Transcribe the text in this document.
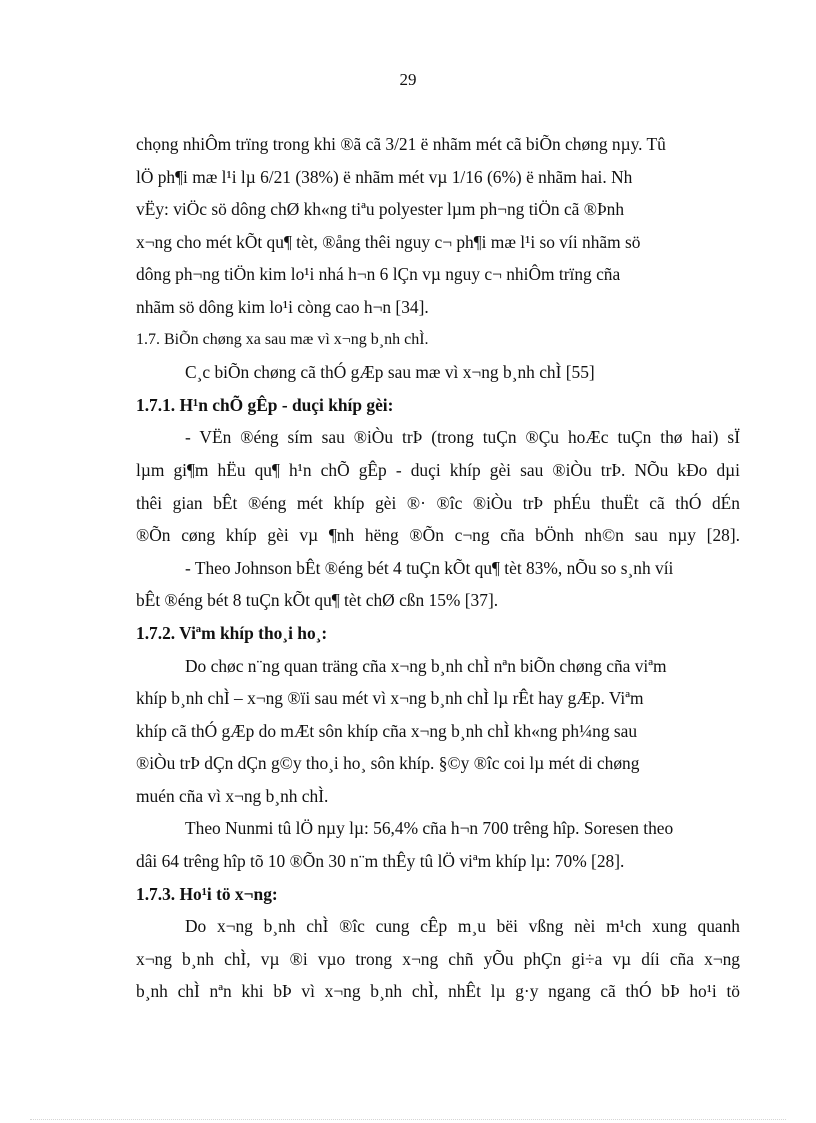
29

chọng nhiÔm trïng trong khi ®ã cã 3/21 ë nhãm mét cã biÕn chøng nµy. Tû
lÖ ph¶i mæ l¹i lµ 6/21 (38%) ë nhãm mét vµ 1/16 (6%) ë nhãm hai. Nh
vËy: viÖc sö dông chØ kh«ng tiªu polyester lµm ph¬ng tiÖn cã ®Þnh
x¬ng cho mét kÕt qu¶ tèt, ®ång thêi nguy c¬ ph¶i mæ l¹i so víi nhãm sö
dông ph¬ng tiÖn kim lo¹i nhá h¬n 6 lÇn vµ nguy c¬ nhiÔm trïng cña
nhãm sö dông kim lo¹i còng cao h¬n [34].

1.7. BiÕn chøng xa sau mæ vì x¬ng b¸nh chÌ.

C¸c biÕn chøng cã thÓ gÆp sau mæ vì x¬ng b¸nh chÌ [55]

1.7.1. H¹n chÕ gÊp - duçi khíp gèi:

- VËn ®éng sím sau ®iÒu trÞ (trong tuÇn ®Çu hoÆc tuÇn thø hai) sÏ
lµm gi¶m hËu qu¶ h¹n chÕ gÊp - duçi khíp gèi sau ®iÒu trÞ. NÕu kÐo dµi
thêi gian bÊt ®éng mét khíp gèi ®· ®îc ®iÒu trÞ phÉu thuËt cã thÓ dÉn
®Õn cøng khíp gèi vµ ¶nh hëng ®Õn c¬ng cña bÖnh nh©n sau nµy [28].

- Theo Johnson bÊt ®éng bét 4 tuÇn kÕt qu¶ tèt 83%, nÕu so s¸nh víi
bÊt ®éng bét 8 tuÇn kÕt qu¶ tèt chØ cßn 15% [37].

1.7.2. Viªm khíp tho¸i ho¸:

Do chøc n¨ng quan träng cña x¬ng b¸nh chÌ nªn biÕn chøng cña viªm
khíp b¸nh chÌ – x¬ng ®ïi sau mét vì x¬ng b¸nh chÌ lµ rÊt hay gÆp. Viªm
khíp cã thÓ gÆp do mÆt sôn khíp cña x¬ng b¸nh chÌ kh«ng ph¼ng sau
®iÒu trÞ dÇn dÇn g©y tho¸i ho¸ sôn khíp. §©y ®îc coi lµ mét di chøng
muén cña vì x¬ng b¸nh chÌ.

Theo Nunmi tû lÖ nµy lµ: 56,4% cña h¬n 700 trêng hîp. Soresen theo
dâi 64 trêng hîp tõ 10 ®Õn 30 n¨m thÊy tû lÖ viªm khíp lµ: 70% [28].

1.7.3. Ho¹i tö x¬ng:

Do x¬ng b¸nh chÌ ®îc cung cÊp m¸u bëi vßng nèi m¹ch xung quanh
x¬ng b¸nh chÌ, vµ ®i vµo trong x¬ng chñ yÕu phÇn gi÷a vµ díi cña x¬ng
b¸nh chÌ nªn khi bÞ vì x¬ng b¸nh chÌ, nhÊt lµ g·y ngang cã thÓ bÞ ho¹i tö
